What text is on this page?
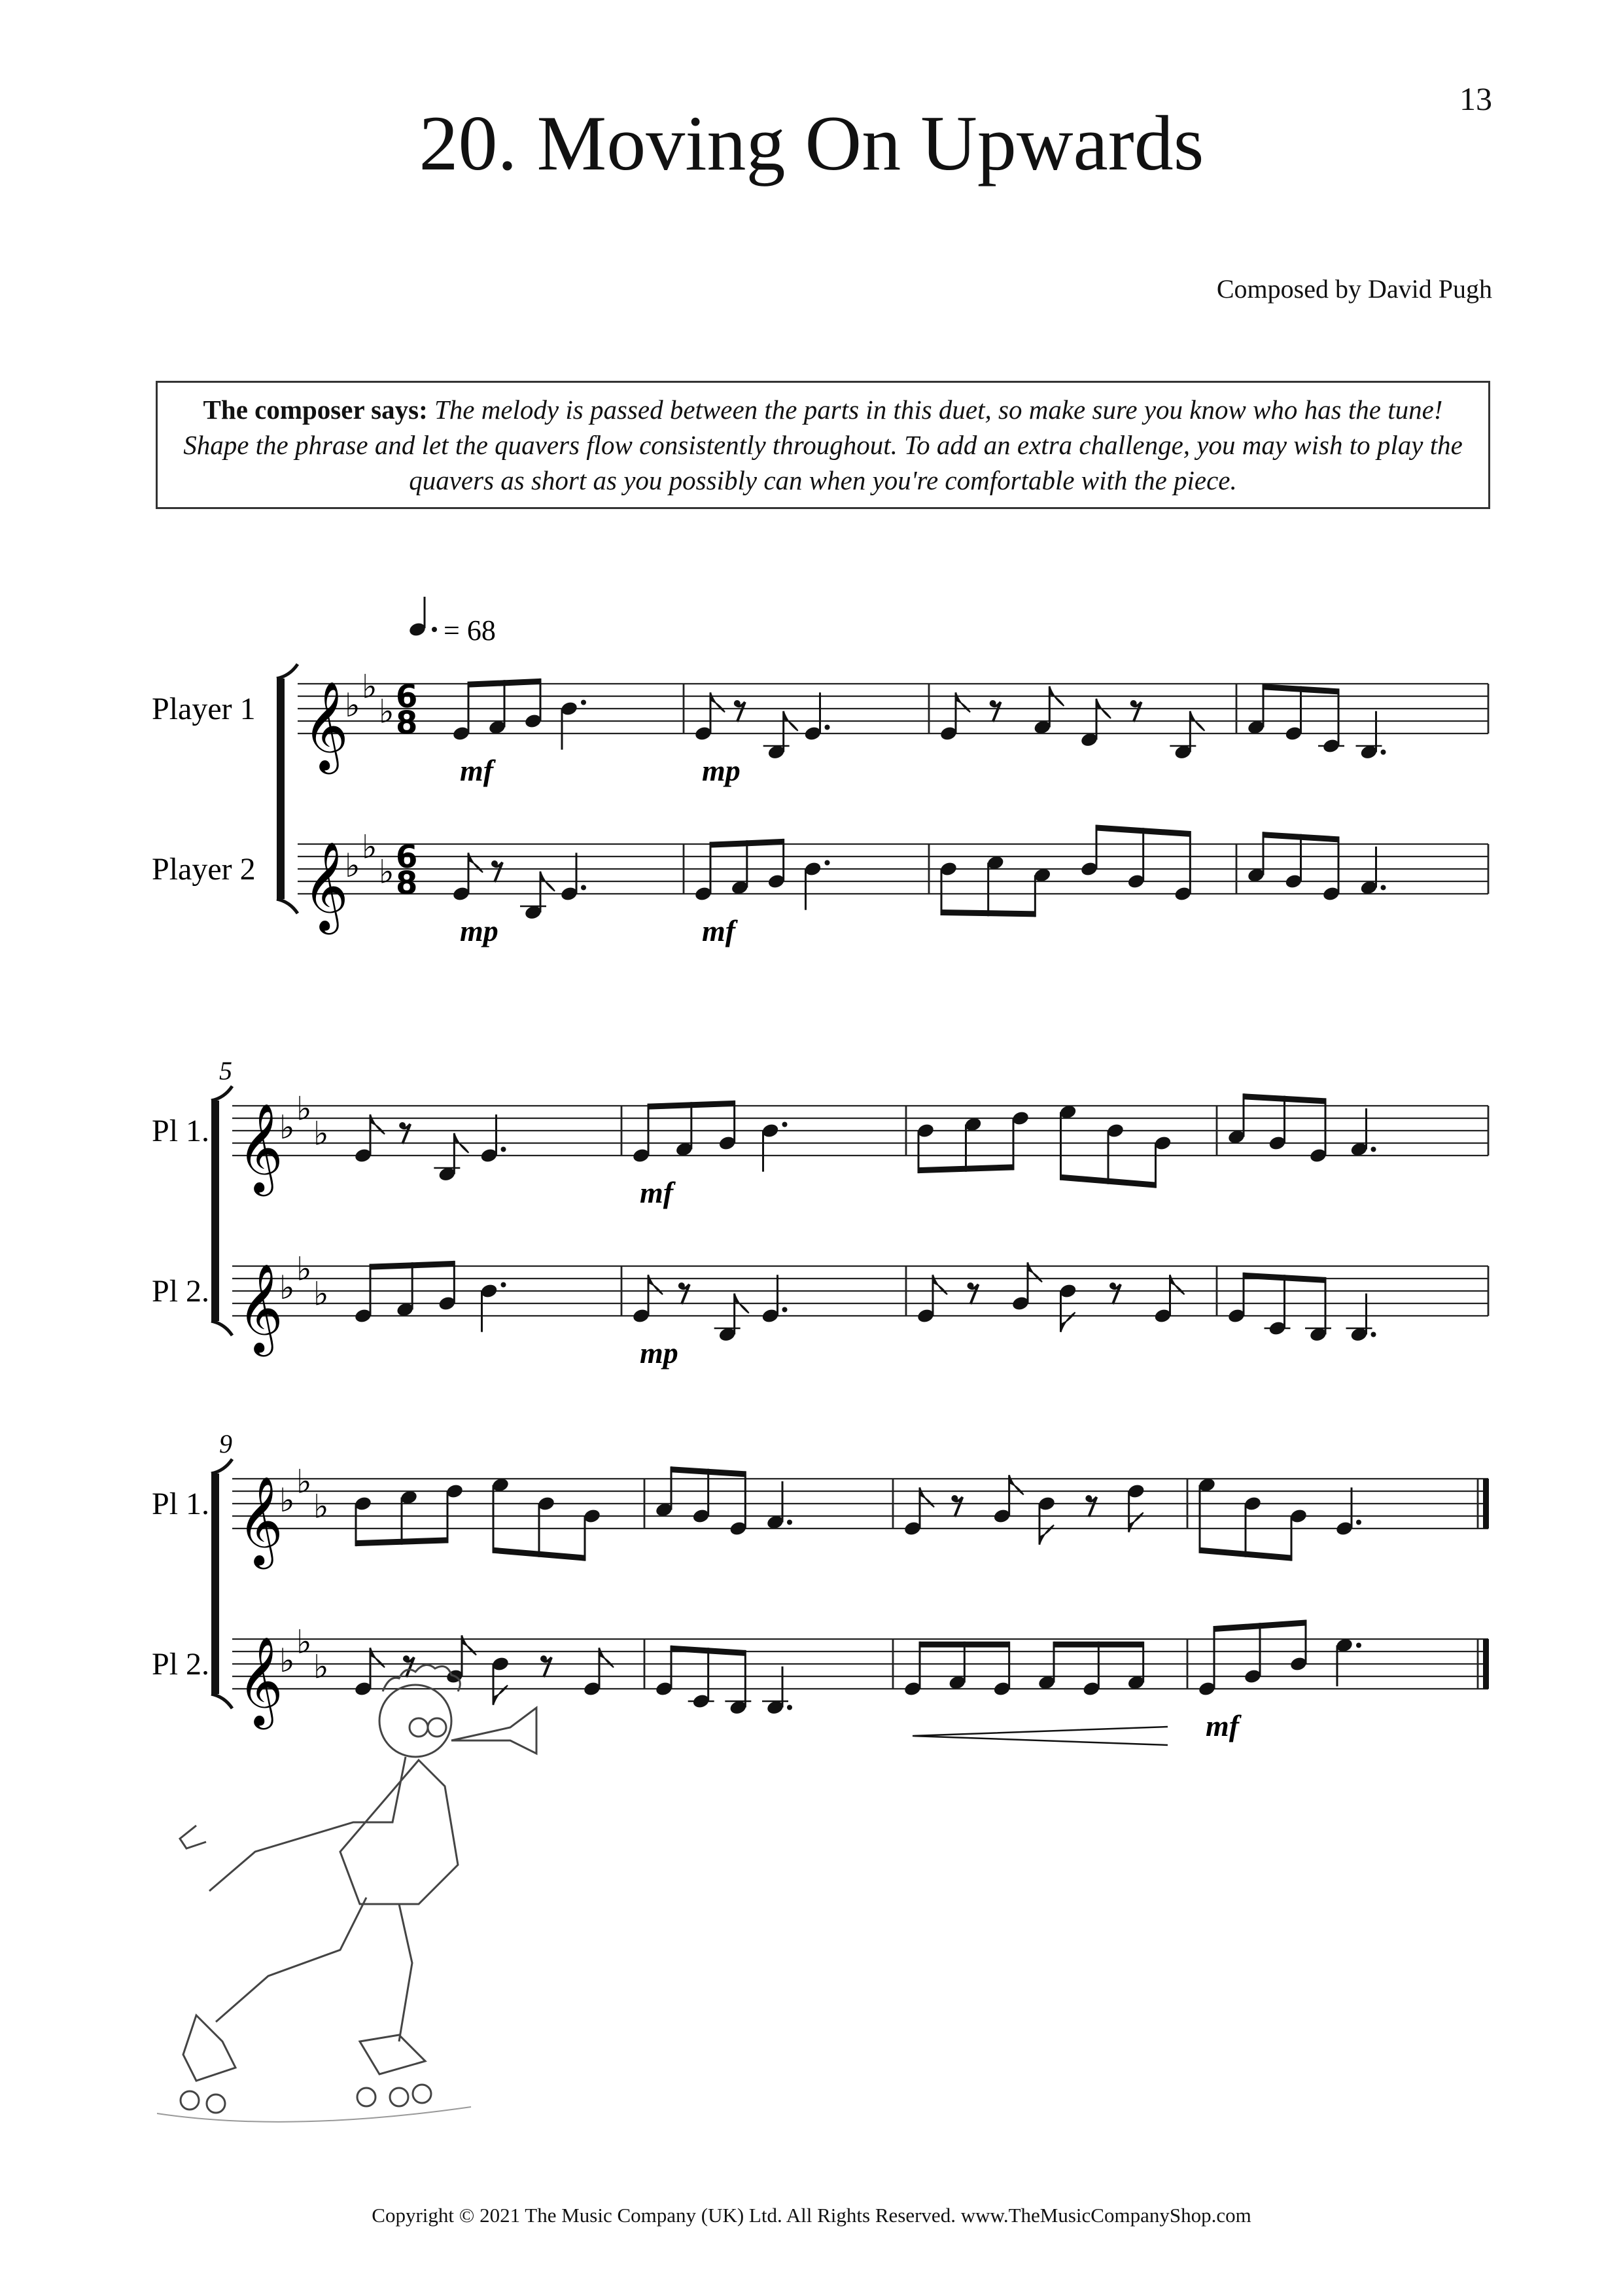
13
20. Moving On Upwards
Composed by David Pugh
The composer says: The melody is passed between the parts in this duet, so make sure you know who has the tune! Shape the phrase and let the quavers flow consistently throughout. To add an extra challenge, you may wish to play the quavers as short as you possibly can when you're comfortable with the piece.
= 68
Player 1 𝄞
♭ ♭
♭ 6
8
mf	mp
Player 2 𝄞
♭ ♭
♭ 6
8
mp	mf
5
Pl 1. 𝄞
♭ ♭
♭
mf
Pl 2. 𝄞
♭ ♭
♭
mp
9
Pl 1. 𝄞
♭ ♭
♭
Pl 2. 𝄞
♭ ♭
♭
mf
Copyright © 2021 The Music Company (UK) Ltd. All Rights Reserved. www.TheMusicCompanyShop.com
